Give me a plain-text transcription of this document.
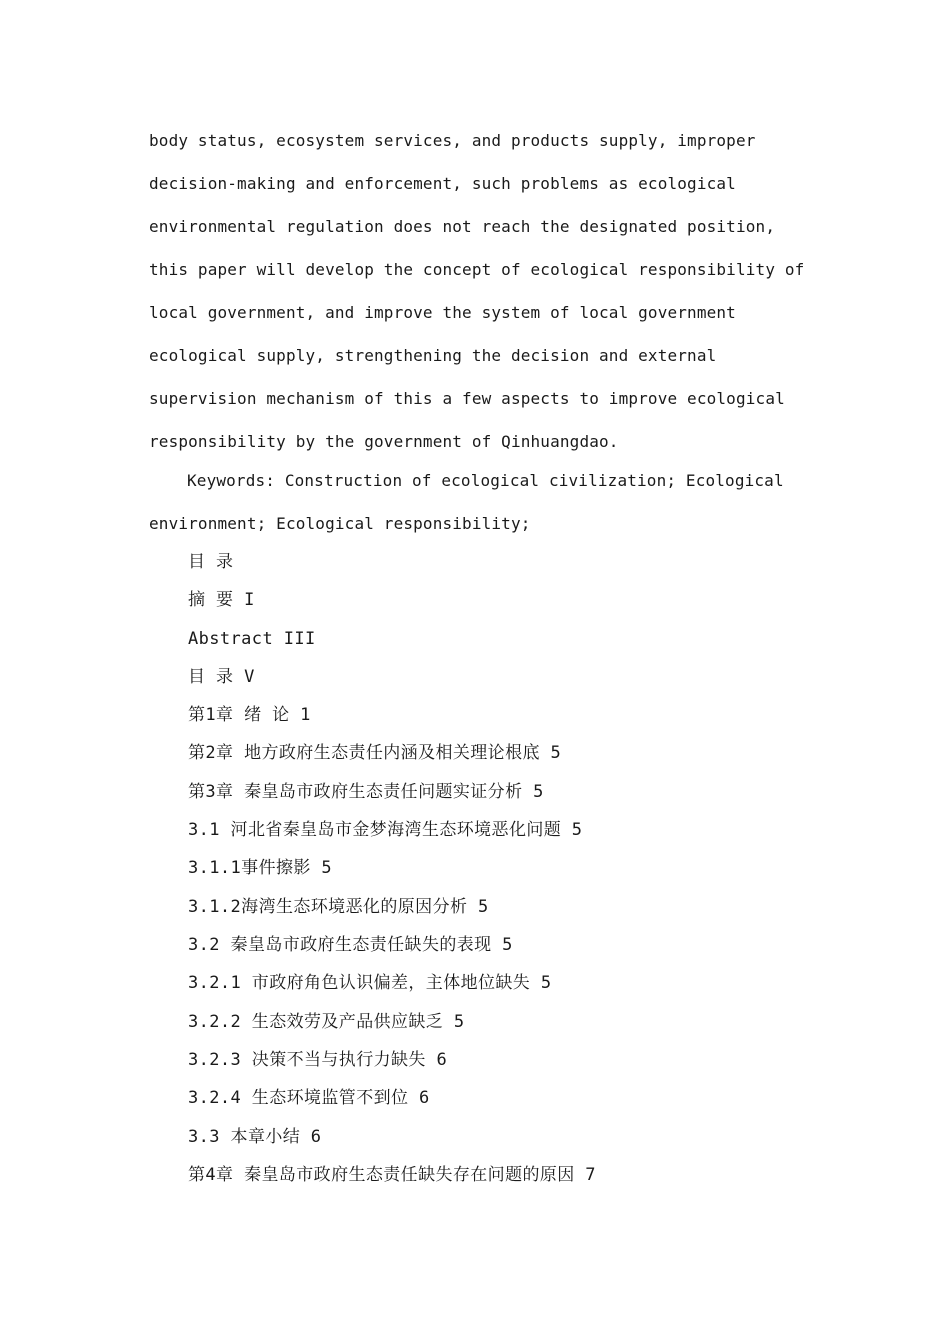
body status, ecosystem services, and products supply, improper
decision-making and enforcement, such problems as ecological
environmental regulation does not reach the designated position,
this paper will develop the concept of ecological responsibility of
local government, and improve the system of local government
ecological supply, strengthening the decision and external
supervision mechanism of this a few aspects to improve ecological
responsibility by the government of Qinhuangdao.
Keywords: Construction of ecological civilization; Ecological
environment; Ecological responsibility;
目 录
摘 要 I
Abstract III
目 录 V
第1章 绪 论 1
第2章 地方政府生态责任内涵及相关理论根底 5
第3章 秦皇岛市政府生态责任问题实证分析 5
3.1 河北省秦皇岛市金梦海湾生态环境恶化问题 5
3.1.1事件擦影 5
3.1.2海湾生态环境恶化的原因分析 5
3.2 秦皇岛市政府生态责任缺失的表现 5
3.2.1 市政府角色认识偏差，主体地位缺失 5
3.2.2 生态效劳及产品供应缺乏 5
3.2.3 决策不当与执行力缺失 6
3.2.4 生态环境监管不到位 6
3.3 本章小结 6
第4章 秦皇岛市政府生态责任缺失存在问题的原因 7
